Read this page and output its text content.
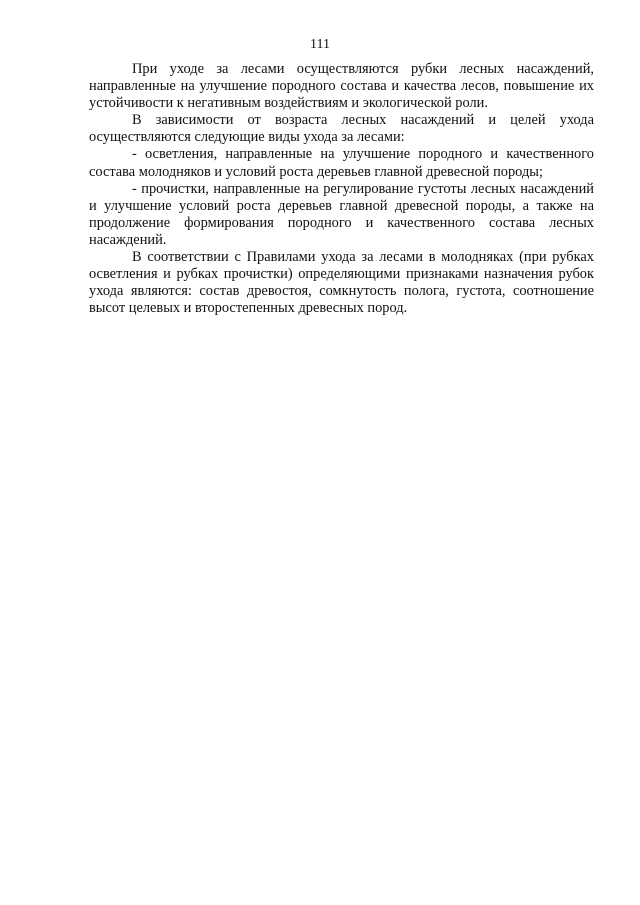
111

При уходе за лесами осуществляются рубки лесных насаждений, направленные на улучшение породного состава и качества лесов, повышение их устойчивости к негативным воздействиям и экологической роли.

В зависимости от возраста лесных насаждений и целей ухода осуществляются следующие виды ухода за лесами:

- осветления, направленные на улучшение породного и качественного состава молодняков и условий роста деревьев главной древесной породы;

- прочистки, направленные на регулирование густоты лесных насаждений и улучшение условий роста деревьев главной древесной породы, а также на продолжение формирования породного и качественного состава лесных насаждений.

В соответствии с Правилами ухода за лесами в молодняках (при рубках осветления и рубках прочистки) определяющими признаками назначения рубок ухода являются: состав древостоя, сомкнутость полога, густота, соотношение высот целевых и второстепенных древесных пород.
